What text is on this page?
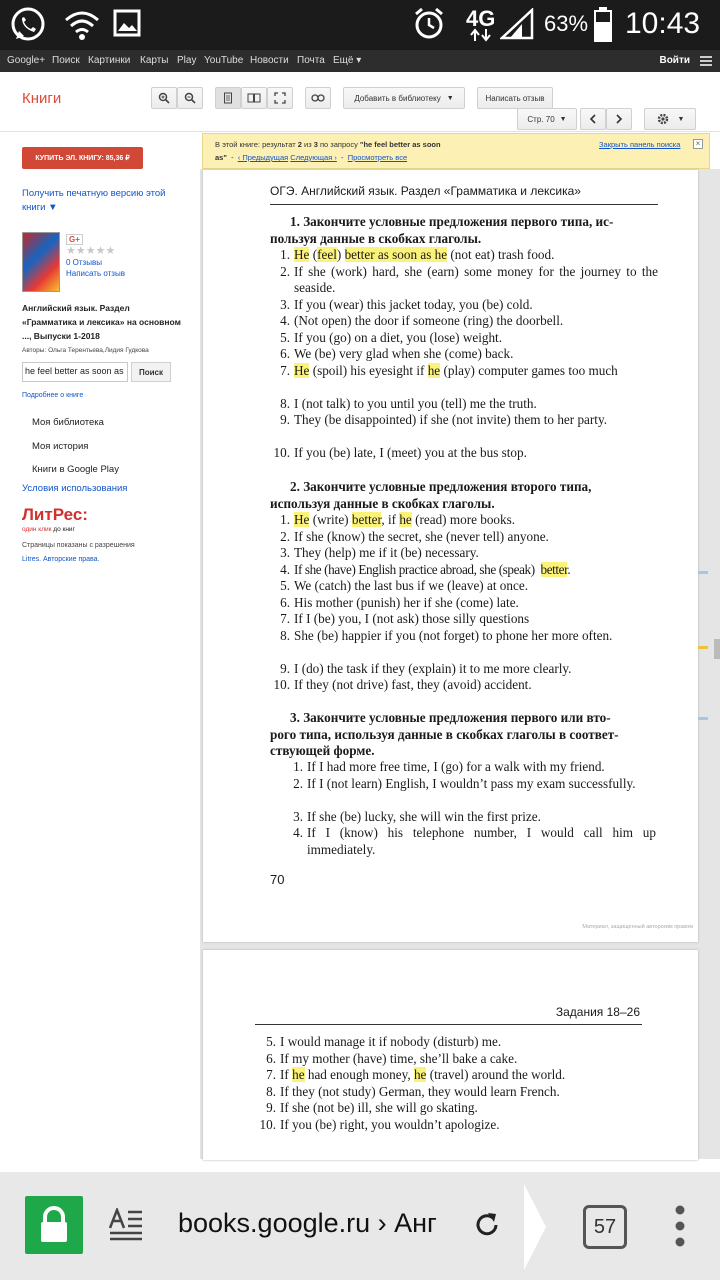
4G 63% 10:43
Google+ Поиск Картинки Карты Play YouTube Новости Почта Ещё ▾	Войти
Книги	Добавить в библиотеку ▼	Написать отзыв
Стр. 70 ▼	▼
КУПИТЬ ЭЛ. КНИГУ: 85,36 ₽
Получить печатную версию этой
книги ▼
G+
★★★★★
0 Отзывы
Написать отзыв
Английский язык. Раздел
«Грамматика и лексика» на основном
..., Выпуски 1-2018
Авторы: Ольга Терентьева,Лидия Гудкова
he feel better as soon as	Поиск
Подробнее о книге
Моя библиотека
Моя история
Книги в Google Play
Условия использования
ЛитРес:
один клик до книг
Страницы показаны с разрешения
Litres. Авторские права.
В этой книге: результат 2 из 3 по запросу "he feel better as soon
as"  -  ‹ Предыдущая Следующая ›  -  Просмотреть все
Закрыть панель поиска	×
ОГЭ. Английский язык. Раздел «Грамматика и лексика»
1. Закончите условные предложения первого типа, ис-
пользуя данные в скобках глаголы.
1. He (feel) better as soon as he (not eat) trash food.
2. If she (work) hard, she (earn) some money for the journey to the seaside.
3. If you (wear) this jacket today, you (be) cold.
4. (Not open) the door if someone (ring) the doorbell.
5. If you (go) on a diet, you (lose) weight.
6. We (be) very glad when she (come) back.
7. He (spoil) his eyesight if he (play) computer games too much
8. I (not talk) to you until you (tell) me the truth.
9. They (be disappointed) if she (not invite) them to her party.
10. If you (be) late, I (meet) you at the bus stop.
2. Закончите условные предложения второго типа,
используя данные в скобках глаголы.
1. He (write) better, if he (read) more books.
2. If she (know) the secret, she (never tell) anyone.
3. They (help) me if it (be) necessary.
4. If she (have) English practice abroad, she (speak)  better.
5. We (catch) the last bus if we (leave) at once.
6. His mother (punish) her if she (come) late.
7. If I (be) you, I (not ask) those silly questions
8. She (be) happier if you (not forget) to phone her more often.
9. I (do) the task if they (explain) it to me more clearly.
10. If they (not drive) fast, they (avoid) accident.
3. Закончите условные предложения первого или вто-
рого типа, используя данные в скобках глаголы в соответ-
ствующей форме.
1. If I had more free time, I (go) for a walk with my friend.
2. If I (not learn) English, I wouldn’t pass my exam successfully.
3. If she (be) lucky, she will win the first prize.
4. If I (know) his telephone number, I would call him up immediately.
70
Материал, защищенный авторским правом
Задания 18–26
5. I would manage it if nobody (disturb) me.
6. If my mother (have) time, she’ll bake a cake.
7. If he had enough money, he (travel) around the world.
8. If they (not study) German, they would learn French.
9. If she (not be) ill, she will go skating.
10. If you (be) right, you wouldn’t apologize.
books.google.ru › Анг	57
